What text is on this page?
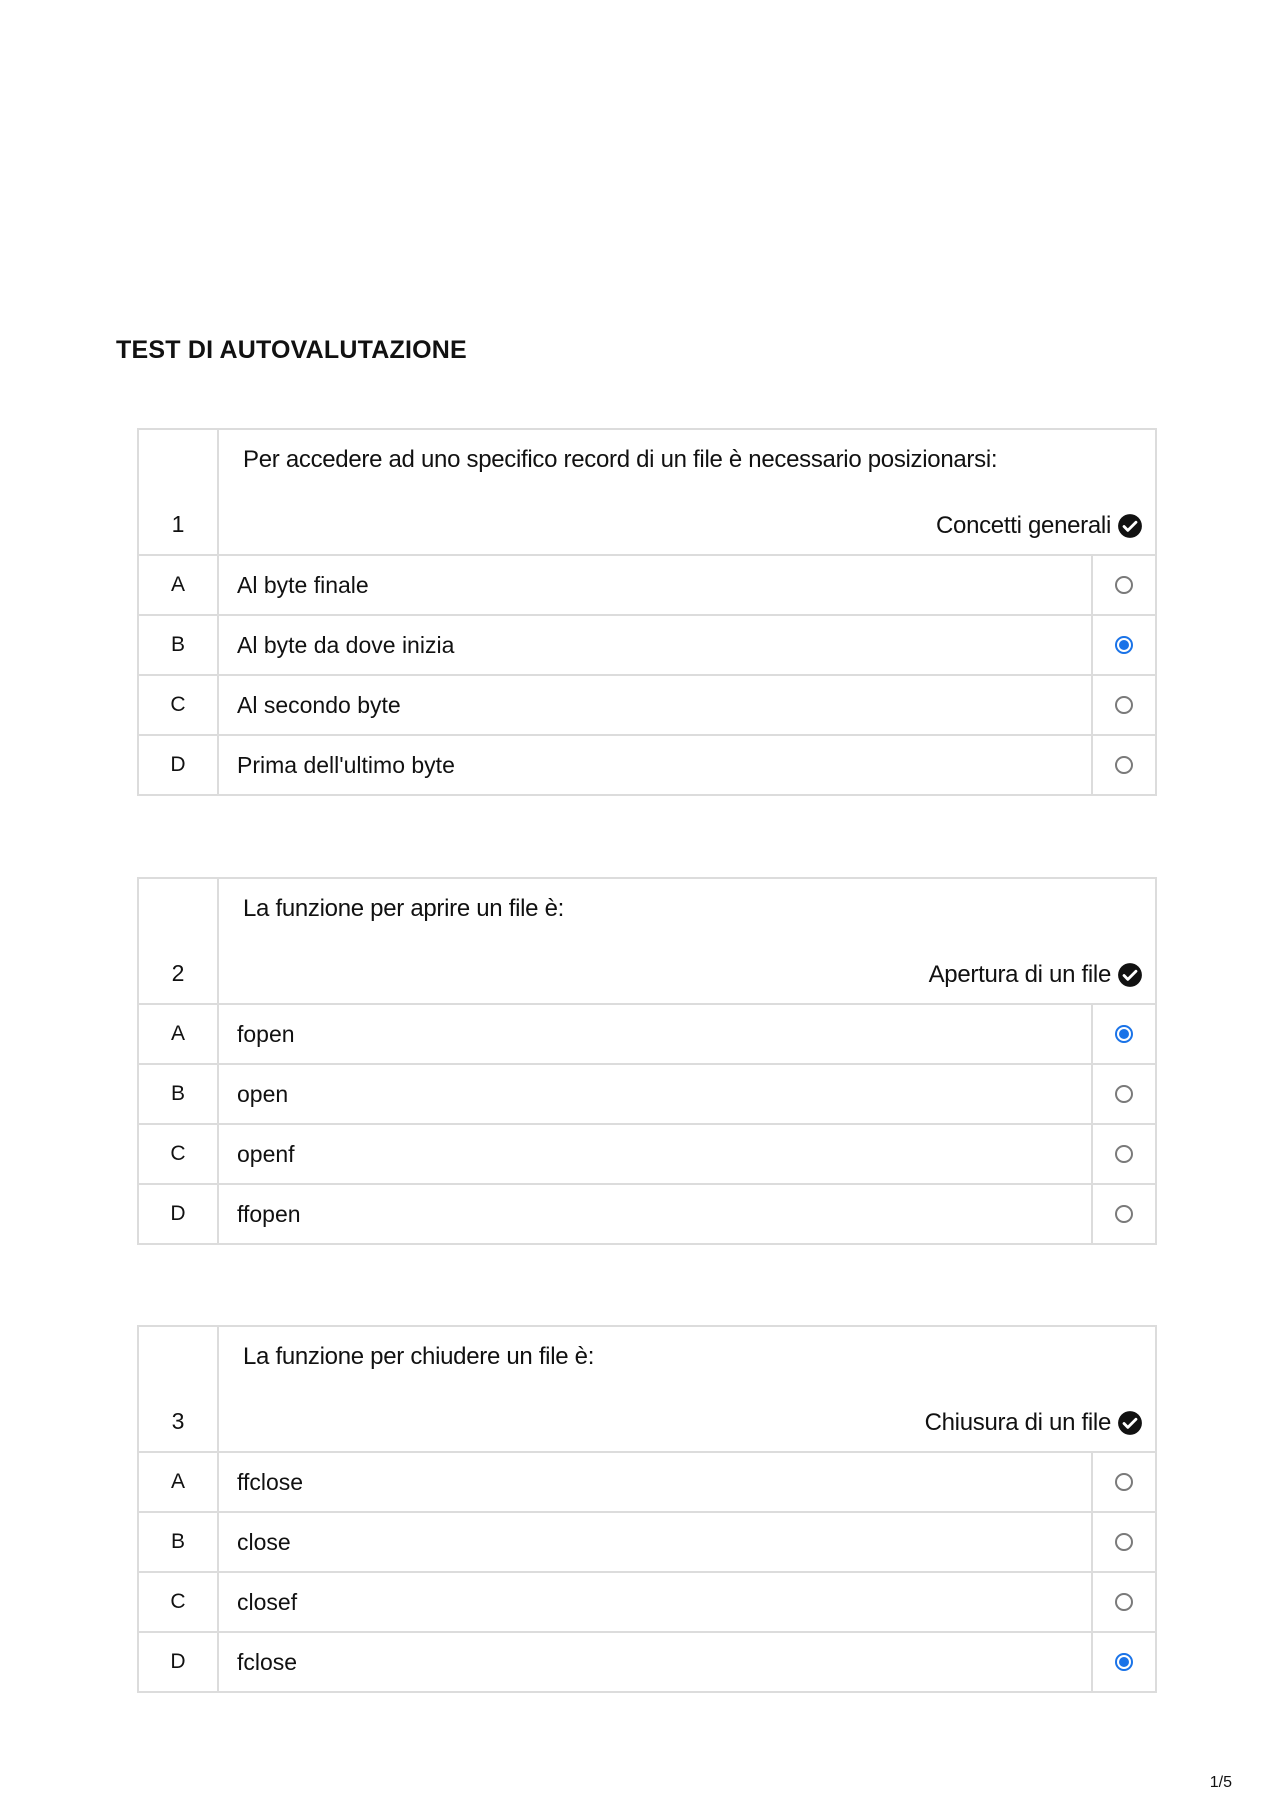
TEST DI AUTOVALUTAZIONE
1	Per accedere ad uno specifico record di un file è necessario posizionarsi:
Concetti generali	

A	Al byte finale	
B	Al byte da dove inizia	
C	Al secondo byte	
D	Prima dell'ultimo byte	
2	La funzione per aprire un file è:
Apertura di un file	

A	fopen	
B	open	
C	openf	
D	ffopen	
3	La funzione per chiudere un file è:
Chiusura di un file	

A	ffclose	
B	close	
C	closef	
D	fclose	
1/5
